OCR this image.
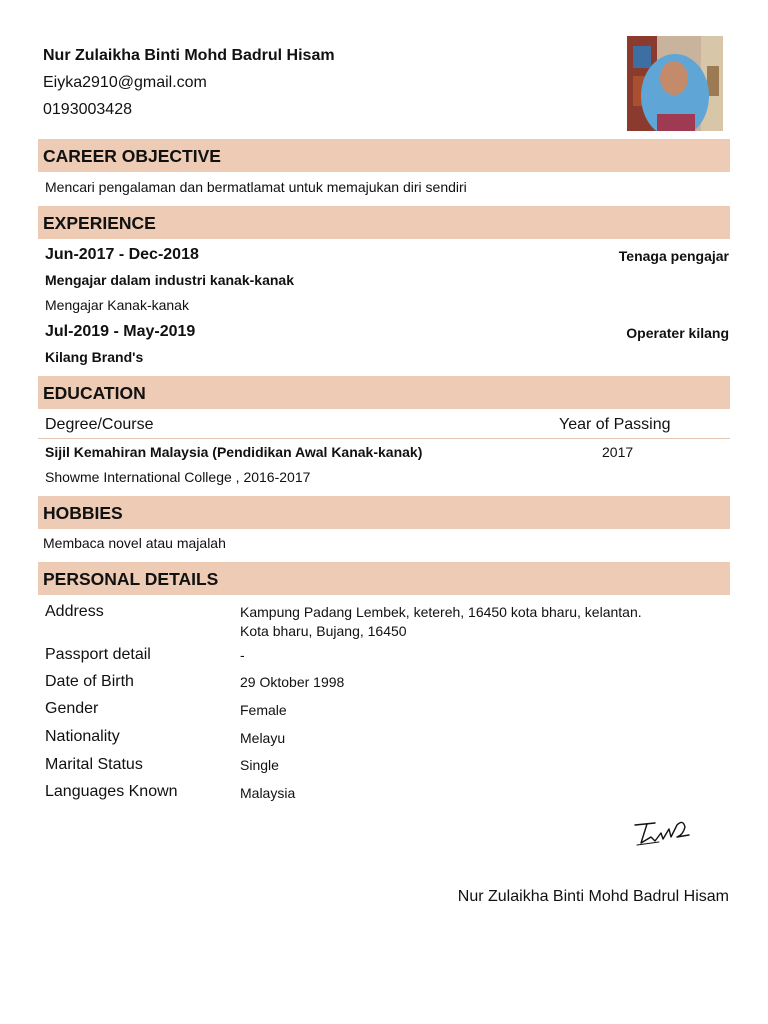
Nur Zulaikha Binti Mohd Badrul Hisam
Eiyka2910@gmail.com
0193003428
CAREER OBJECTIVE
Mencari pengalaman dan bermatlamat untuk memajukan diri sendiri
EXPERIENCE
Jun-2017 - Dec-2018	Tenaga pengajar
Mengajar dalam industri kanak-kanak
Mengajar Kanak-kanak
Jul-2019 - May-2019	Operater kilang
Kilang Brand's
EDUCATION
Degree/Course	Year of Passing
Sijil Kemahiran Malaysia (Pendidikan Awal Kanak-kanak)	2017
Showme International College , 2016-2017
HOBBIES
Membaca novel atau majalah
PERSONAL DETAILS
Address	Kampung Padang Lembek, ketereh, 16450 kota bharu, kelantan.
Kota bharu, Bujang, 16450
Passport detail	-
Date of Birth	29 Oktober 1998
Gender	Female
Nationality	Melayu
Marital Status	Single
Languages Known	Malaysia
Nur Zulaikha Binti Mohd Badrul Hisam
